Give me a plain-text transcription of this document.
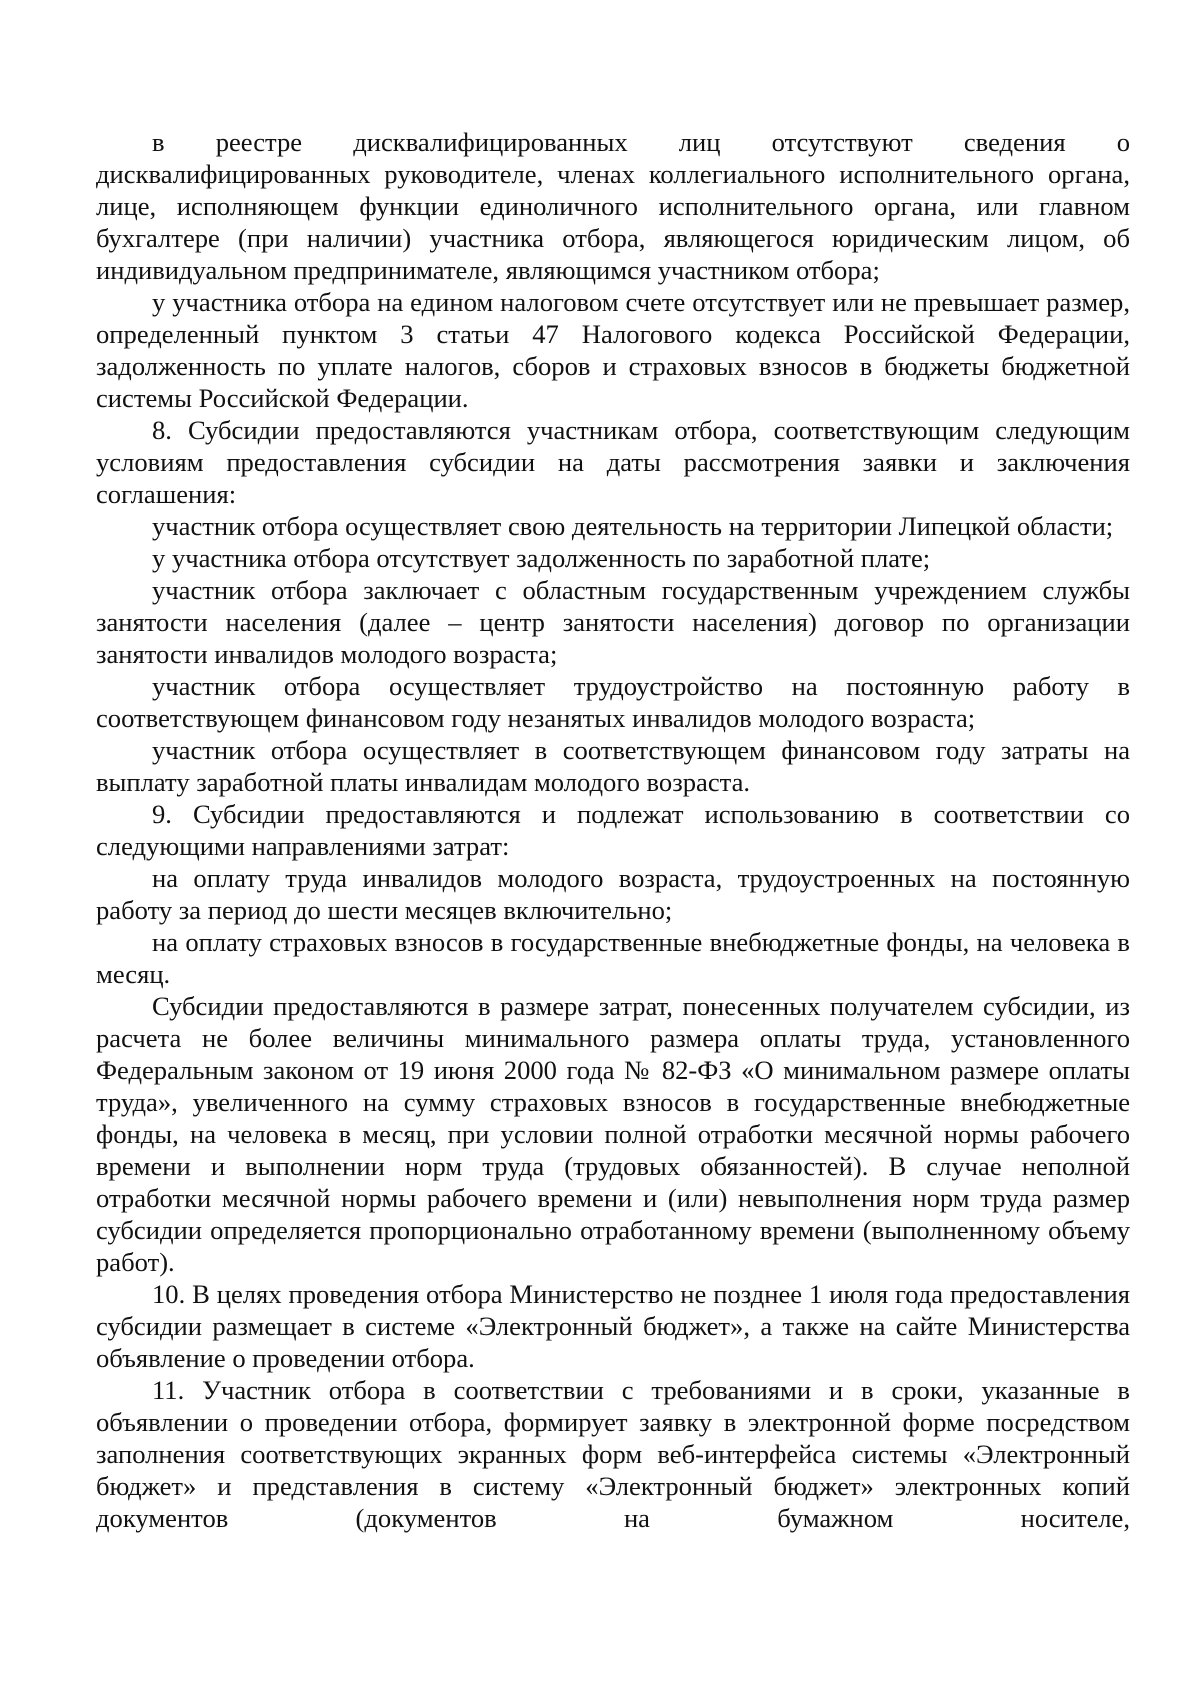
в реестре дисквалифицированных лиц отсутствуют сведения о дисквалифицированных руководителе, членах коллегиального исполнительного органа, лице, исполняющем функции единоличного исполнительного органа, или главном бухгалтере (при наличии) участника отбора, являющегося юридическим лицом, об индивидуальном предпринимателе, являющимся участником отбора;

у участника отбора на едином налоговом счете отсутствует или не превышает размер, определенный пунктом 3 статьи 47 Налогового кодекса Российской Федерации, задолженность по уплате налогов, сборов и страховых взносов в бюджеты бюджетной системы Российской Федерации.

8. Субсидии предоставляются участникам отбора, соответствующим следующим условиям предоставления субсидии на даты рассмотрения заявки и заключения соглашения:

участник отбора осуществляет свою деятельность на территории Липецкой области;

у участника отбора отсутствует задолженность по заработной плате;

участник отбора заключает с областным государственным учреждением службы занятости населения (далее – центр занятости населения) договор по организации занятости инвалидов молодого возраста;

участник отбора осуществляет трудоустройство на постоянную работу в соответствующем финансовом году незанятых инвалидов молодого возраста;

участник отбора осуществляет в соответствующем финансовом году затраты на выплату заработной платы инвалидам молодого возраста.

9. Субсидии предоставляются и подлежат использованию в соответствии со следующими направлениями затрат:

на оплату труда инвалидов молодого возраста, трудоустроенных на постоянную работу за период до шести месяцев включительно;

на оплату страховых взносов в государственные внебюджетные фонды, на человека в месяц.

Субсидии предоставляются в размере затрат, понесенных получателем субсидии, из расчета не более величины минимального размера оплаты труда, установленного Федеральным законом от 19 июня 2000 года № 82-ФЗ «О минимальном размере оплаты труда», увеличенного на сумму страховых взносов в государственные внебюджетные фонды, на человека в месяц, при условии полной отработки месячной нормы рабочего времени и выполнении норм труда (трудовых обязанностей). В случае неполной отработки месячной нормы рабочего времени и (или) невыполнения норм труда размер субсидии определяется пропорционально отработанному времени (выполненному объему работ).

10. В целях проведения отбора Министерство не позднее 1 июля года предоставления субсидии размещает в системе «Электронный бюджет», а также на сайте Министерства объявление о проведении отбора.

11. Участник отбора в соответствии с требованиями и в сроки, указанные в объявлении о проведении отбора, формирует заявку в электронной форме посредством заполнения соответствующих экранных форм веб-интерфейса системы «Электронный бюджет» и представления в систему «Электронный бюджет» электронных копий документов (документов на бумажном носителе,
